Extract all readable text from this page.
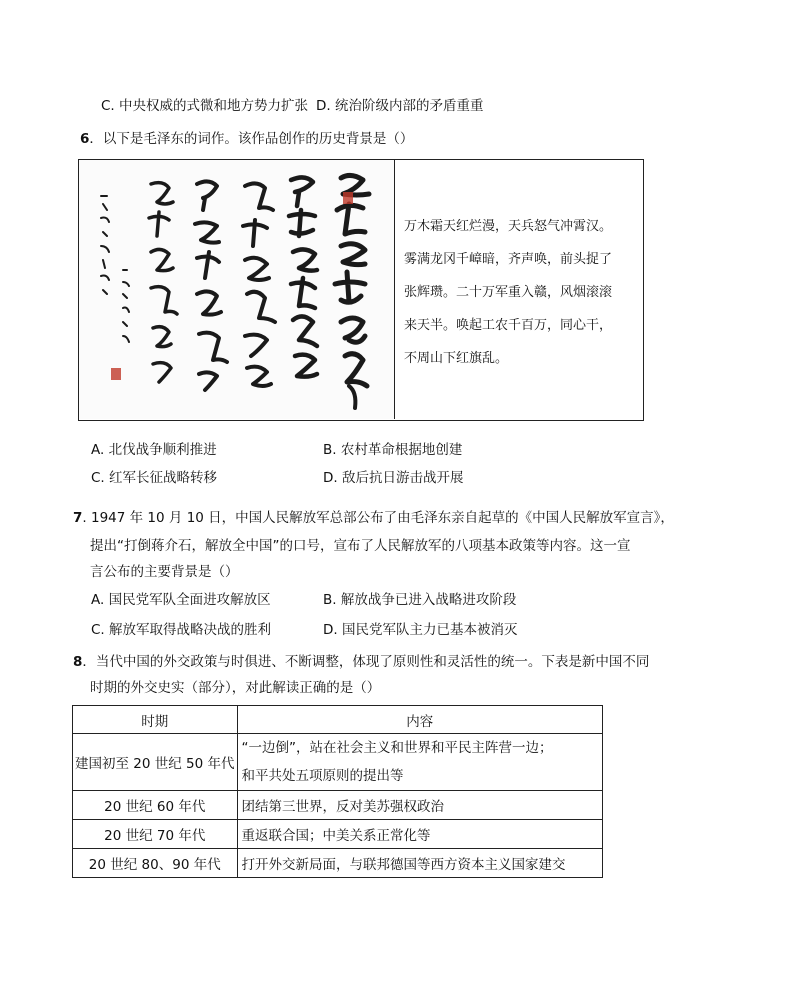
C. 中央权威的式微和地方势力扩张 D. 统治阶级内部的矛盾重重
6．以下是毛泽东的词作。该作品创作的历史背景是（）
万木霜天红烂漫，天兵怒气冲霄汉。
雾满龙冈千嶂暗，齐声唤，前头捉了
张辉瓒。二十万军重入赣，风烟滚滚
来天半。唤起工农千百万，同心干，
不周山下红旗乱。
A. 北伐战争顺利推进	B. 农村革命根据地创建
C. 红军长征战略转移	D. 敌后抗日游击战开展
7. 1947 年 10 月 10 日，中国人民解放军总部公布了由毛泽东亲自起草的《中国人民解放军宣言》，
提出“打倒蒋介石，解放全中国”的口号，宣布了人民解放军的八项基本政策等内容。这一宣
言公布的主要背景是（）
A. 国民党军队全面进攻解放区	B. 解放战争已进入战略进攻阶段
C. 解放军取得战略决战的胜利	D. 国民党军队主力已基本被消灭
8．当代中国的外交政策与时俱进、不断调整，体现了原则性和灵活性的统一。下表是新中国不同
时期的外交史实（部分），对此解读正确的是（）
时期	内容
建国初至 20 世纪 50 年代	“一边倒”，站在社会主义和世界和平民主阵营一边；
和平共处五项原则的提出等

20 世纪 60 年代	团结第三世界，反对美苏强权政治
20 世纪 70 年代	重返联合国；中美关系正常化等
20 世纪 80、90 年代	打开外交新局面，与联邦德国等西方资本主义国家建交
